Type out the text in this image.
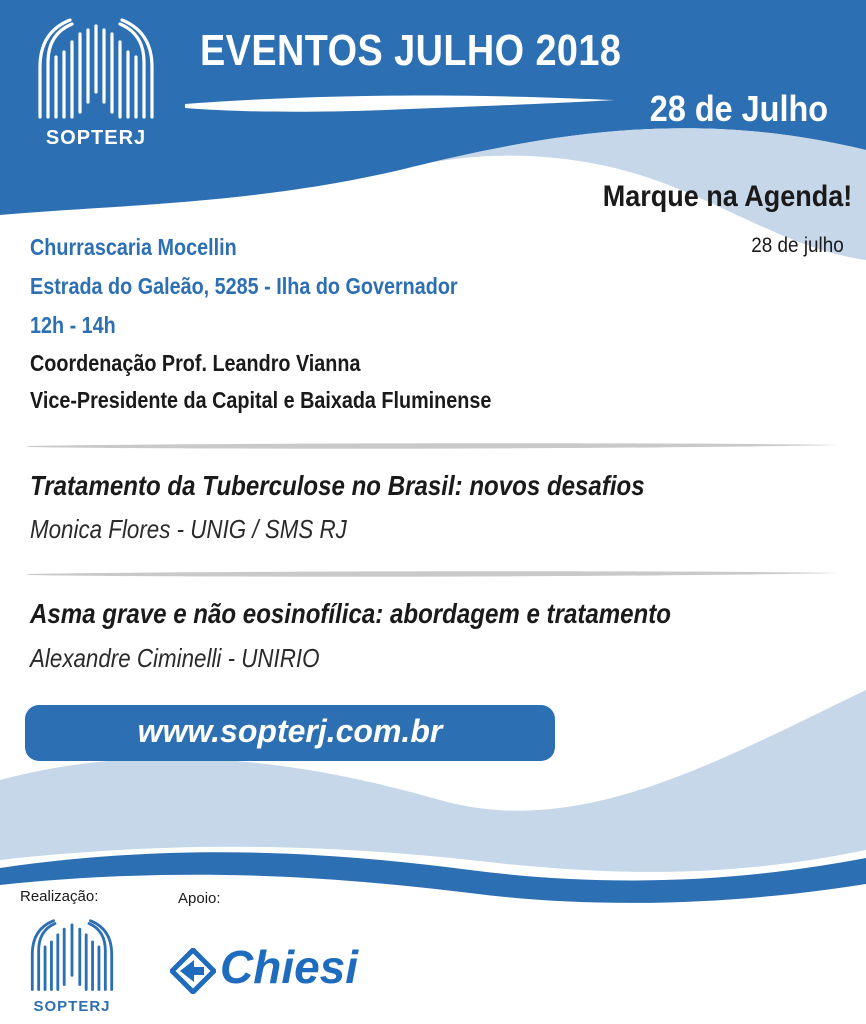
SOPTERJ
EVENTOS JULHO 2018
28 de Julho
Marque na Agenda!
28 de julho
Churrascaria Mocellin
Estrada do Galeão, 5285 - Ilha do Governador
12h - 14h
Coordenação Prof. Leandro Vianna
Vice-Presidente da Capital e Baixada Fluminense
Tratamento da Tuberculose no Brasil: novos desafios
Monica Flores - UNIG / SMS RJ
Asma grave e não eosinofílica: abordagem e tratamento
Alexandre Ciminelli - UNIRIO
www.sopterj.com.br
Realização:	Apoio:
SOPTERJ
Chiesi
